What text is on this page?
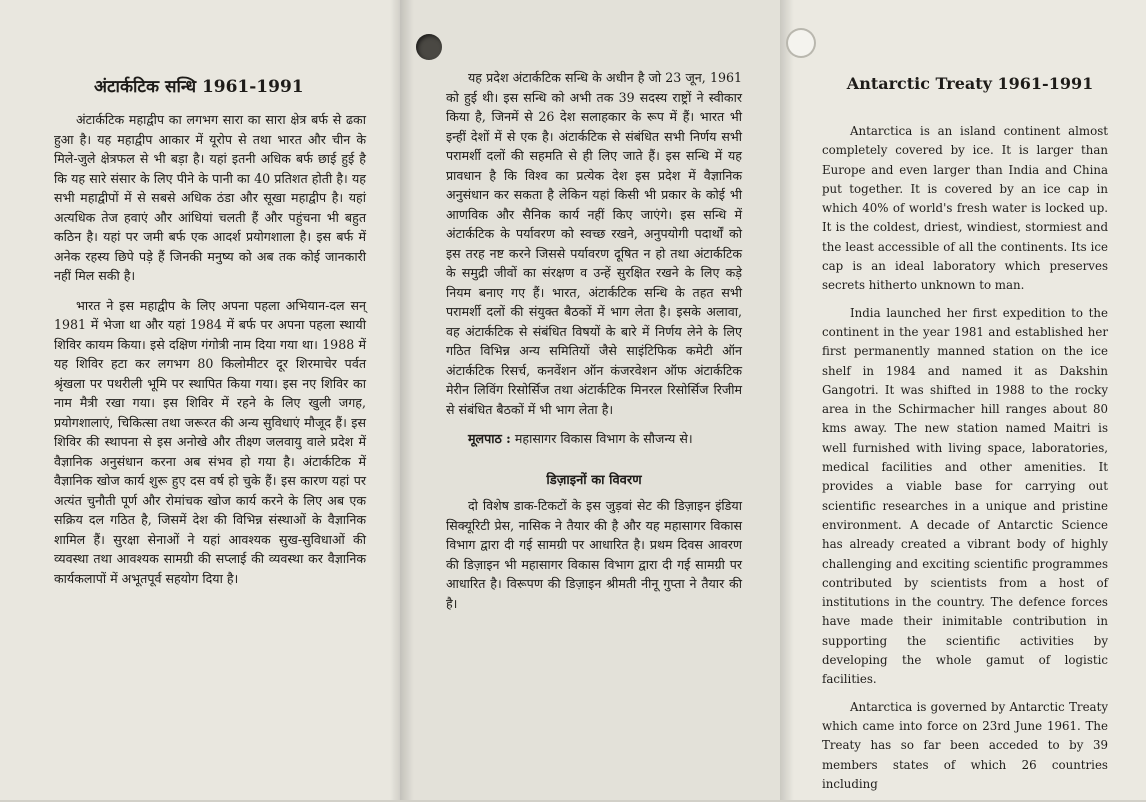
अंटार्कटिक सन्धि 1961-1991

अंटार्कटिक महाद्वीप का लगभग सारा का सारा क्षेत्र बर्फ से ढका हुआ है। यह महाद्वीप आकार में यूरोप से तथा भारत और चीन के मिले-जुले क्षेत्रफल से भी बड़ा है। यहां इतनी अधिक बर्फ छाई हुई है कि यह सारे संसार के लिए पीने के पानी का 40 प्रतिशत होती है। यह सभी महाद्वीपों में से सबसे अधिक ठंडा और सूखा महाद्वीप है। यहां अत्यधिक तेज हवाएं और आंधियां चलती हैं और पहुंचना भी बहुत कठिन है। यहां पर जमी बर्फ एक आदर्श प्रयोगशाला है। इस बर्फ में अनेक रहस्य छिपे पड़े हैं जिनकी मनुष्य को अब तक कोई जानकारी नहीं मिल सकी है।

भारत ने इस महाद्वीप के लिए अपना पहला अभियान-दल सन् 1981 में भेजा था और यहां 1984 में बर्फ पर अपना पहला स्थायी शिविर कायम किया। इसे दक्षिण गंगोत्री नाम दिया गया था। 1988 में यह शिविर हटा कर लगभग 80 किलोमीटर दूर शिरमाचेर पर्वत श्रृंखला पर पथरीली भूमि पर स्थापित किया गया। इस नए शिविर का नाम मैत्री रखा गया। इस शिविर में रहने के लिए खुली जगह, प्रयोगशालाएं, चिकित्सा तथा जरूरत की अन्य सुविधाएं मौजूद हैं। इस शिविर की स्थापना से इस अनोखे और तीक्ष्ण जलवायु वाले प्रदेश में वैज्ञानिक अनुसंधान करना अब संभव हो गया है। अंटार्कटिक में वैज्ञानिक खोज कार्य शुरू हुए दस वर्ष हो चुके हैं। इस कारण यहां पर अत्यंत चुनौती पूर्ण और रोमांचक खोज कार्य करने के लिए अब एक सक्रिय दल गठित है, जिसमें देश की विभिन्न संस्थाओं के वैज्ञानिक शामिल हैं। सुरक्षा सेनाओं ने यहां आवश्यक सुख-सुविधाओं की व्यवस्था तथा आवश्यक सामग्री की सप्लाई की व्यवस्था कर वैज्ञानिक कार्यकलापों में अभूतपूर्व सहयोग दिया है।

यह प्रदेश अंटार्कटिक सन्धि के अधीन है जो 23 जून, 1961 को हुई थी। इस सन्धि को अभी तक 39 सदस्य राष्ट्रों ने स्वीकार किया है, जिनमें से 26 देश सलाहकार के रूप में हैं। भारत भी इन्हीं देशों में से एक है। अंटार्कटिक से संबंधित सभी निर्णय सभी परामर्शी दलों की सहमति से ही लिए जाते हैं। इस सन्धि में यह प्रावधान है कि विश्व का प्रत्येक देश इस प्रदेश में वैज्ञानिक अनुसंधान कर सकता है लेकिन यहां किसी भी प्रकार के कोई भी आणविक और सैनिक कार्य नहीं किए जाएंगे। इस सन्धि में अंटार्कटिक के पर्यावरण को स्वच्छ रखने, अनुपयोगी पदार्थों को इस तरह नष्ट करने जिससे पर्यावरण दूषित न हो तथा अंटार्कटिक के समुद्री जीवों का संरक्षण व उन्हें सुरक्षित रखने के लिए कड़े नियम बनाए गए हैं। भारत, अंटार्कटिक सन्धि के तहत सभी परामर्शी दलों की संयुक्त बैठकों में भाग लेता है। इसके अलावा, वह अंटार्कटिक से संबंधित विषयों के बारे में निर्णय लेने के लिए गठित विभिन्न अन्य समितियों जैसे साइंटिफिक कमेटी ऑन अंटार्कटिक रिसर्च, कनवेंशन ऑन कंजरवेशन ऑफ अंटार्कटिक मेरीन लिविंग रिसोर्सिज तथा अंटार्कटिक मिनरल रिसोर्सिज रिजीम से संबंधित बैठकों में भी भाग लेता है।

मूलपाठ : महासागर विकास विभाग के सौजन्य से।

डिज़ाइनों का विवरण

दो विशेष डाक-टिकटों के इस जुड़वां सेट की डिज़ाइन इंडिया सिक्यूरिटी प्रेस, नासिक ने तैयार की है और यह महासागर विकास विभाग द्वारा दी गई सामग्री पर आधारित है। प्रथम दिवस आवरण की डिज़ाइन भी महासागर विकास विभाग द्वारा दी गई सामग्री पर आधारित है। विरूपण की डिज़ाइन श्रीमती नीनू गुप्ता ने तैयार की है।

Antarctic Treaty 1961-1991

Antarctica is an island continent almost completely covered by ice. It is larger than Europe and even larger than India and China put together. It is covered by an ice cap in which 40% of world's fresh water is locked up. It is the coldest, driest, windiest, stormiest and the least accessible of all the continents. Its ice cap is an ideal laboratory which preserves secrets hitherto unknown to man.

India launched her first expedition to the continent in the year 1981 and established her first permanently manned station on the ice shelf in 1984 and named it as Dakshin Gangotri. It was shifted in 1988 to the rocky area in the Schirmacher hill ranges about 80 kms away. The new station named Maitri is well furnished with living space, laboratories, medical facilities and other amenities. It provides a viable base for carrying out scientific researches in a unique and pristine environment. A decade of Antarctic Science has already created a vibrant body of highly challenging and exciting scientific programmes contributed by scientists from a host of institutions in the country. The defence forces have made their inimitable contribution in supporting the scientific activities by developing the whole gamut of logistic facilities.

Antarctica is governed by Antarctic Treaty which came into force on 23rd June 1961. The Treaty has so far been acceded to by 39 members states of which 26 countries including
